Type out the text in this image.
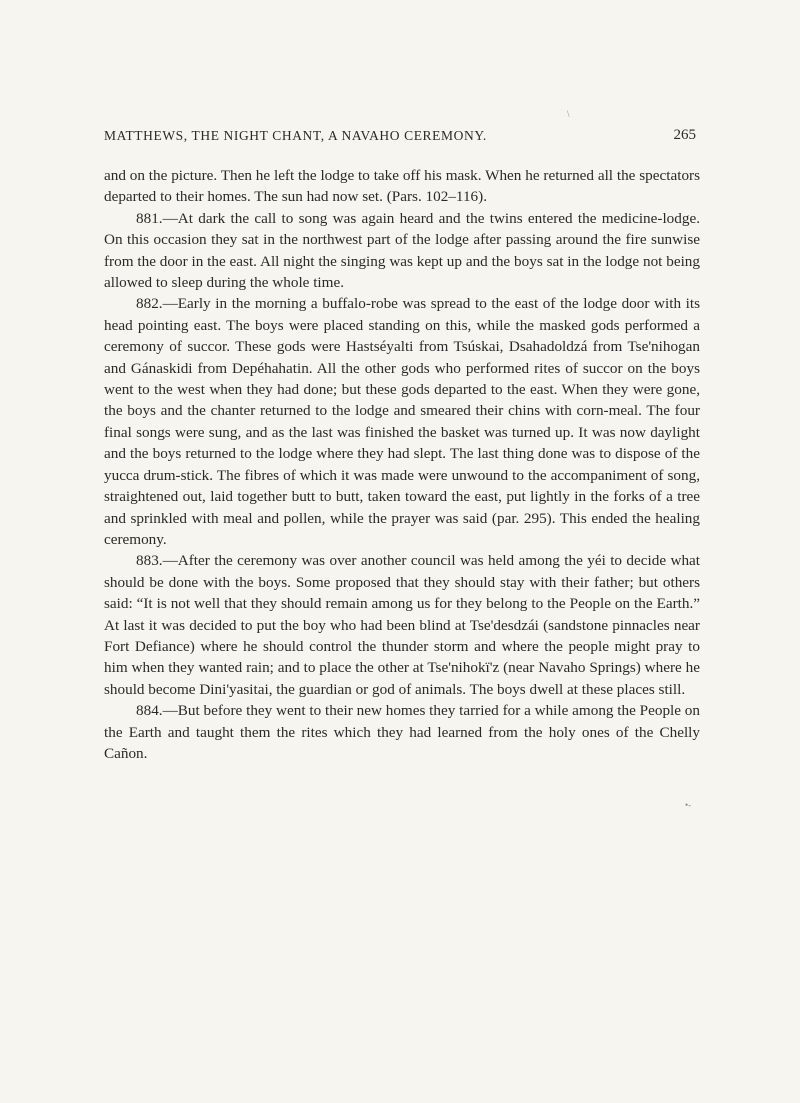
MATTHEWS, THE NIGHT CHANT, A NAVAHO CEREMONY.	265
\
•-

and on the picture. Then he left the lodge to take off his mask. When he returned all the spectators departed to their homes. The sun had now set. (Pars. 102–116).

881.—At dark the call to song was again heard and the twins entered the medicine-lodge. On this occasion they sat in the northwest part of the lodge after passing around the fire sunwise from the door in the east. All night the singing was kept up and the boys sat in the lodge not being allowed to sleep during the whole time.

882.—Early in the morning a buffalo-robe was spread to the east of the lodge door with its head pointing east. The boys were placed standing on this, while the masked gods performed a ceremony of succor. These gods were Hastséyalti from Tsúskai, Dsahadoldzá from Tse'nihogan and Gánaskidi from Depéhahatin. All the other gods who performed rites of succor on the boys went to the west when they had done; but these gods departed to the east. When they were gone, the boys and the chanter returned to the lodge and smeared their chins with corn-meal. The four final songs were sung, and as the last was finished the basket was turned up. It was now daylight and the boys returned to the lodge where they had slept. The last thing done was to dispose of the yucca drum-stick. The fibres of which it was made were unwound to the accompaniment of song, straightened out, laid together butt to butt, taken toward the east, put lightly in the forks of a tree and sprinkled with meal and pollen, while the prayer was said (par. 295). This ended the healing ceremony.

883.—After the ceremony was over another council was held among the yéi to decide what should be done with the boys. Some proposed that they should stay with their father; but others said: “It is not well that they should remain among us for they belong to the People on the Earth.” At last it was decided to put the boy who had been blind at Tse'desdzái (sandstone pinnacles near Fort Defiance) where he should control the thunder storm and where the people might pray to him when they wanted rain; and to place the other at Tse'nihokï'z (near Navaho Springs) where he should become Dini'yasitai, the guardian or god of animals. The boys dwell at these places still.

884.—But before they went to their new homes they tarried for a while among the People on the Earth and taught them the rites which they had learned from the holy ones of the Chelly Cañon.
